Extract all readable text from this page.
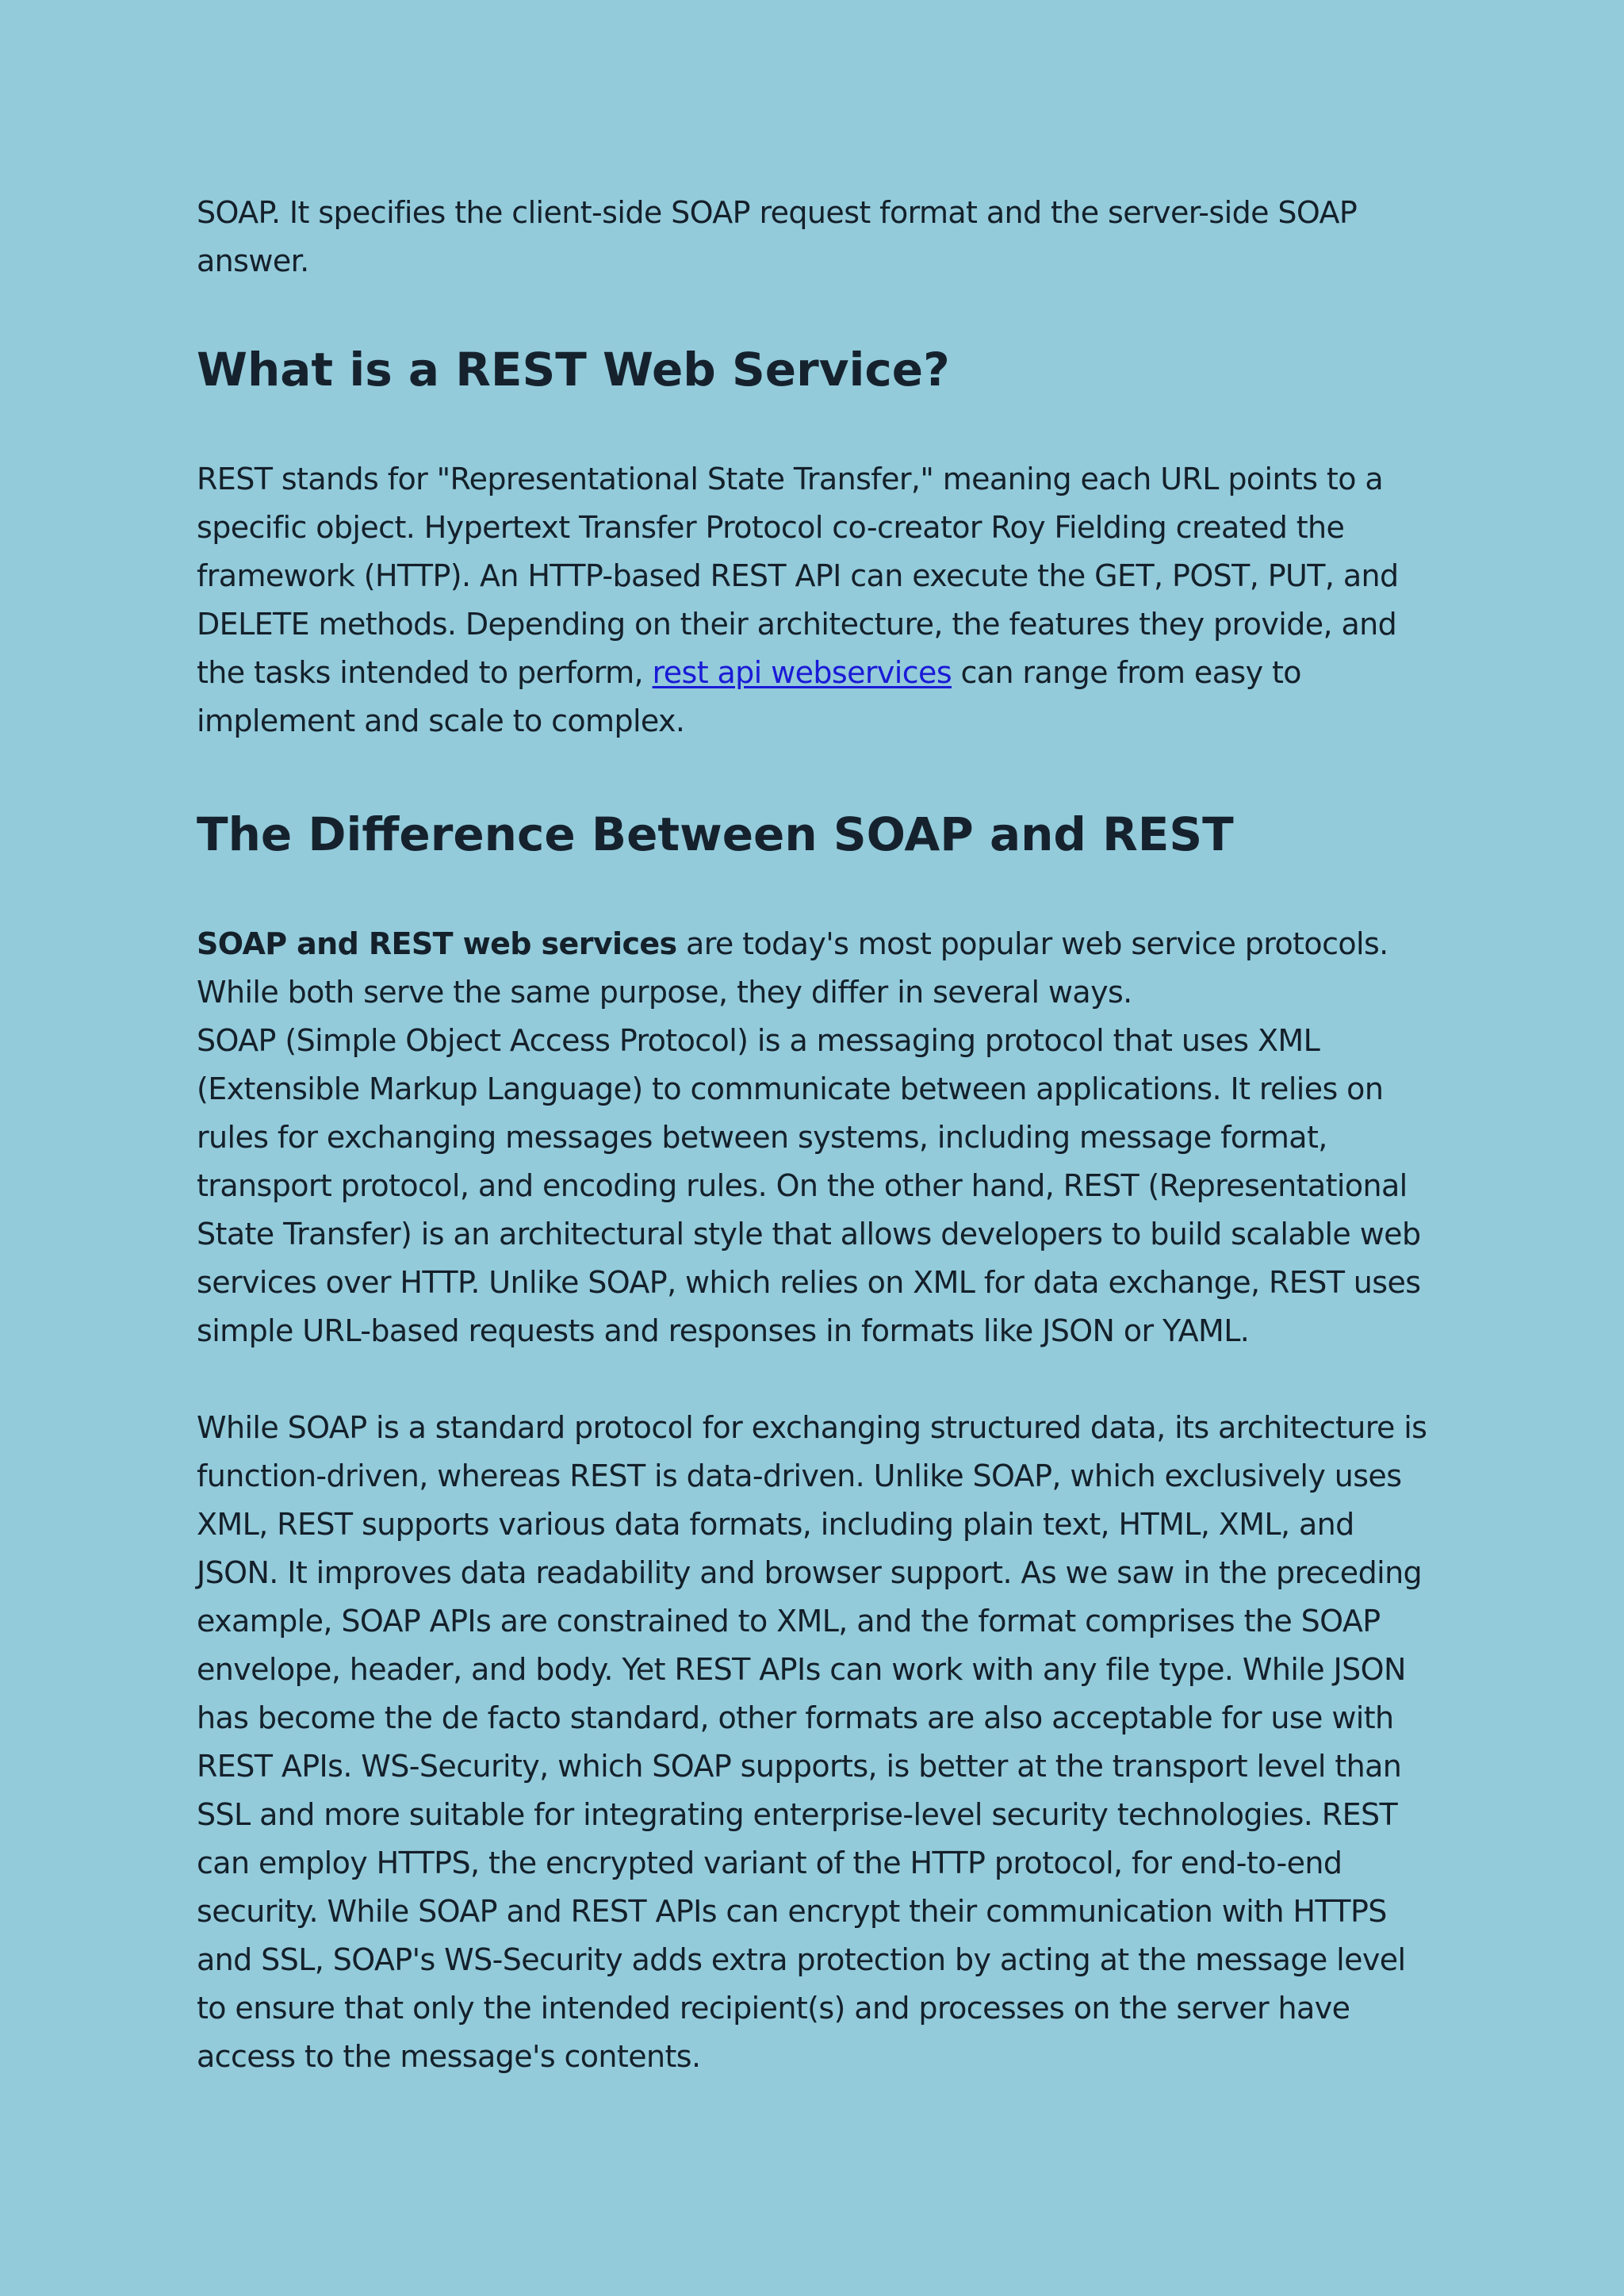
SOAP. It specifies the client-side SOAP request format and the server-side SOAP answer.

What is a REST Web Service?

REST stands for "Representational State Transfer," meaning each URL points to a specific object. Hypertext Transfer Protocol co-creator Roy Fielding created the framework (HTTP). An HTTP-based REST API can execute the GET, POST, PUT, and DELETE methods. Depending on their architecture, the features they provide, and the tasks intended to perform, rest api webservices can range from easy to implement and scale to complex.

The Difference Between SOAP and REST

SOAP and REST web services are today's most popular web service protocols. While both serve the same purpose, they differ in several ways.

SOAP (Simple Object Access Protocol) is a messaging protocol that uses XML (Extensible Markup Language) to communicate between applications. It relies on rules for exchanging messages between systems, including message format, transport protocol, and encoding rules. On the other hand, REST (Representational State Transfer) is an architectural style that allows developers to build scalable web services over HTTP. Unlike SOAP, which relies on XML for data exchange, REST uses simple URL-based requests and responses in formats like JSON or YAML.

While SOAP is a standard protocol for exchanging structured data, its architecture is function-driven, whereas REST is data-driven. Unlike SOAP, which exclusively uses XML, REST supports various data formats, including plain text, HTML, XML, and JSON. It improves data readability and browser support. As we saw in the preceding example, SOAP APIs are constrained to XML, and the format comprises the SOAP envelope, header, and body. Yet REST APIs can work with any file type. While JSON has become the de facto standard, other formats are also acceptable for use with REST APIs. WS-Security, which SOAP supports, is better at the transport level than SSL and more suitable for integrating enterprise-level security technologies. REST can employ HTTPS, the encrypted variant of the HTTP protocol, for end-to-end security. While SOAP and REST APIs can encrypt their communication with HTTPS and SSL, SOAP's WS-Security adds extra protection by acting at the message level to ensure that only the intended recipient(s) and processes on the server have access to the message's contents.
